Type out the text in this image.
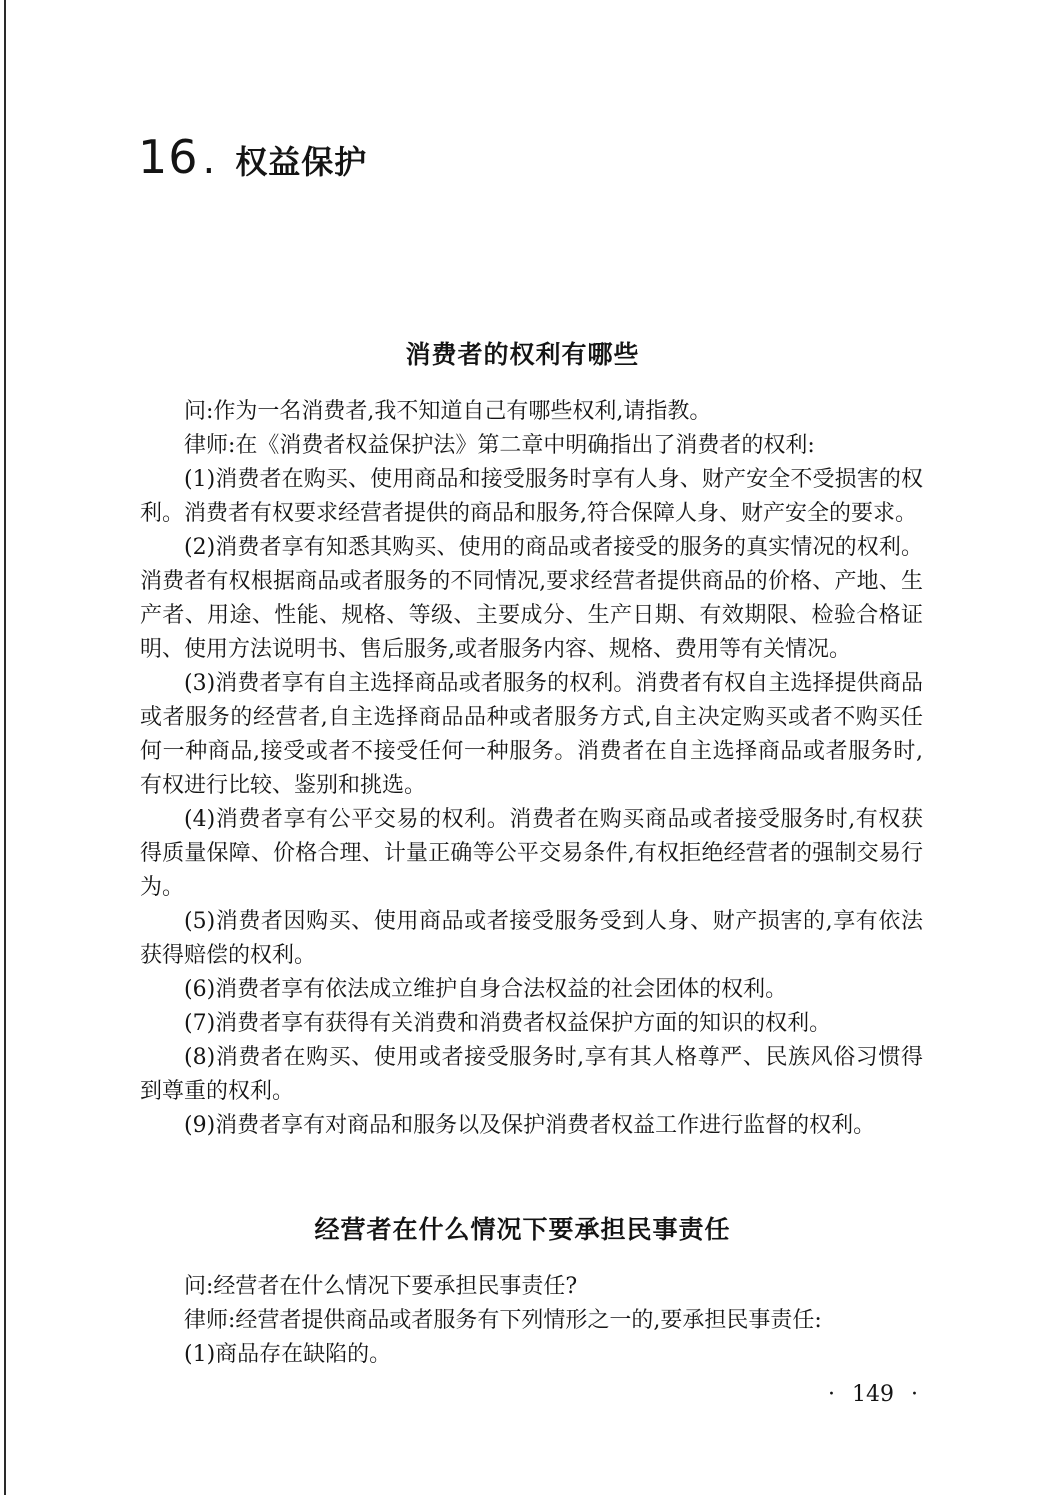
16 . 权益保护
消费者的权利有哪些
问:作为一名消费者,我不知道自己有哪些权利,请指教。
律师:在《消费者权益保护法》第二章中明确指出了消费者的权利:
(1)消费者在购买、使用商品和接受服务时享有人身、财产安全不受损害的权利。消费者有权要求经营者提供的商品和服务,符合保障人身、财产安全的要求。
(2)消费者享有知悉其购买、使用的商品或者接受的服务的真实情况的权利。消费者有权根据商品或者服务的不同情况,要求经营者提供商品的价格、产地、生产者、用途、性能、规格、等级、主要成分、生产日期、有效期限、检验合格证明、使用方法说明书、售后服务,或者服务内容、规格、费用等有关情况。
(3)消费者享有自主选择商品或者服务的权利。消费者有权自主选择提供商品或者服务的经营者,自主选择商品品种或者服务方式,自主决定购买或者不购买任何一种商品,接受或者不接受任何一种服务。消费者在自主选择商品或者服务时,有权进行比较、鉴别和挑选。
(4)消费者享有公平交易的权利。消费者在购买商品或者接受服务时,有权获得质量保障、价格合理、计量正确等公平交易条件,有权拒绝经营者的强制交易行为。
(5)消费者因购买、使用商品或者接受服务受到人身、财产损害的,享有依法获得赔偿的权利。
(6)消费者享有依法成立维护自身合法权益的社会团体的权利。
(7)消费者享有获得有关消费和消费者权益保护方面的知识的权利。
(8)消费者在购买、使用或者接受服务时,享有其人格尊严、民族风俗习惯得到尊重的权利。
(9)消费者享有对商品和服务以及保护消费者权益工作进行监督的权利。
经营者在什么情况下要承担民事责任
问:经营者在什么情况下要承担民事责任?
律师:经营者提供商品或者服务有下列情形之一的,要承担民事责任:
(1)商品存在缺陷的。
· 149 ·
